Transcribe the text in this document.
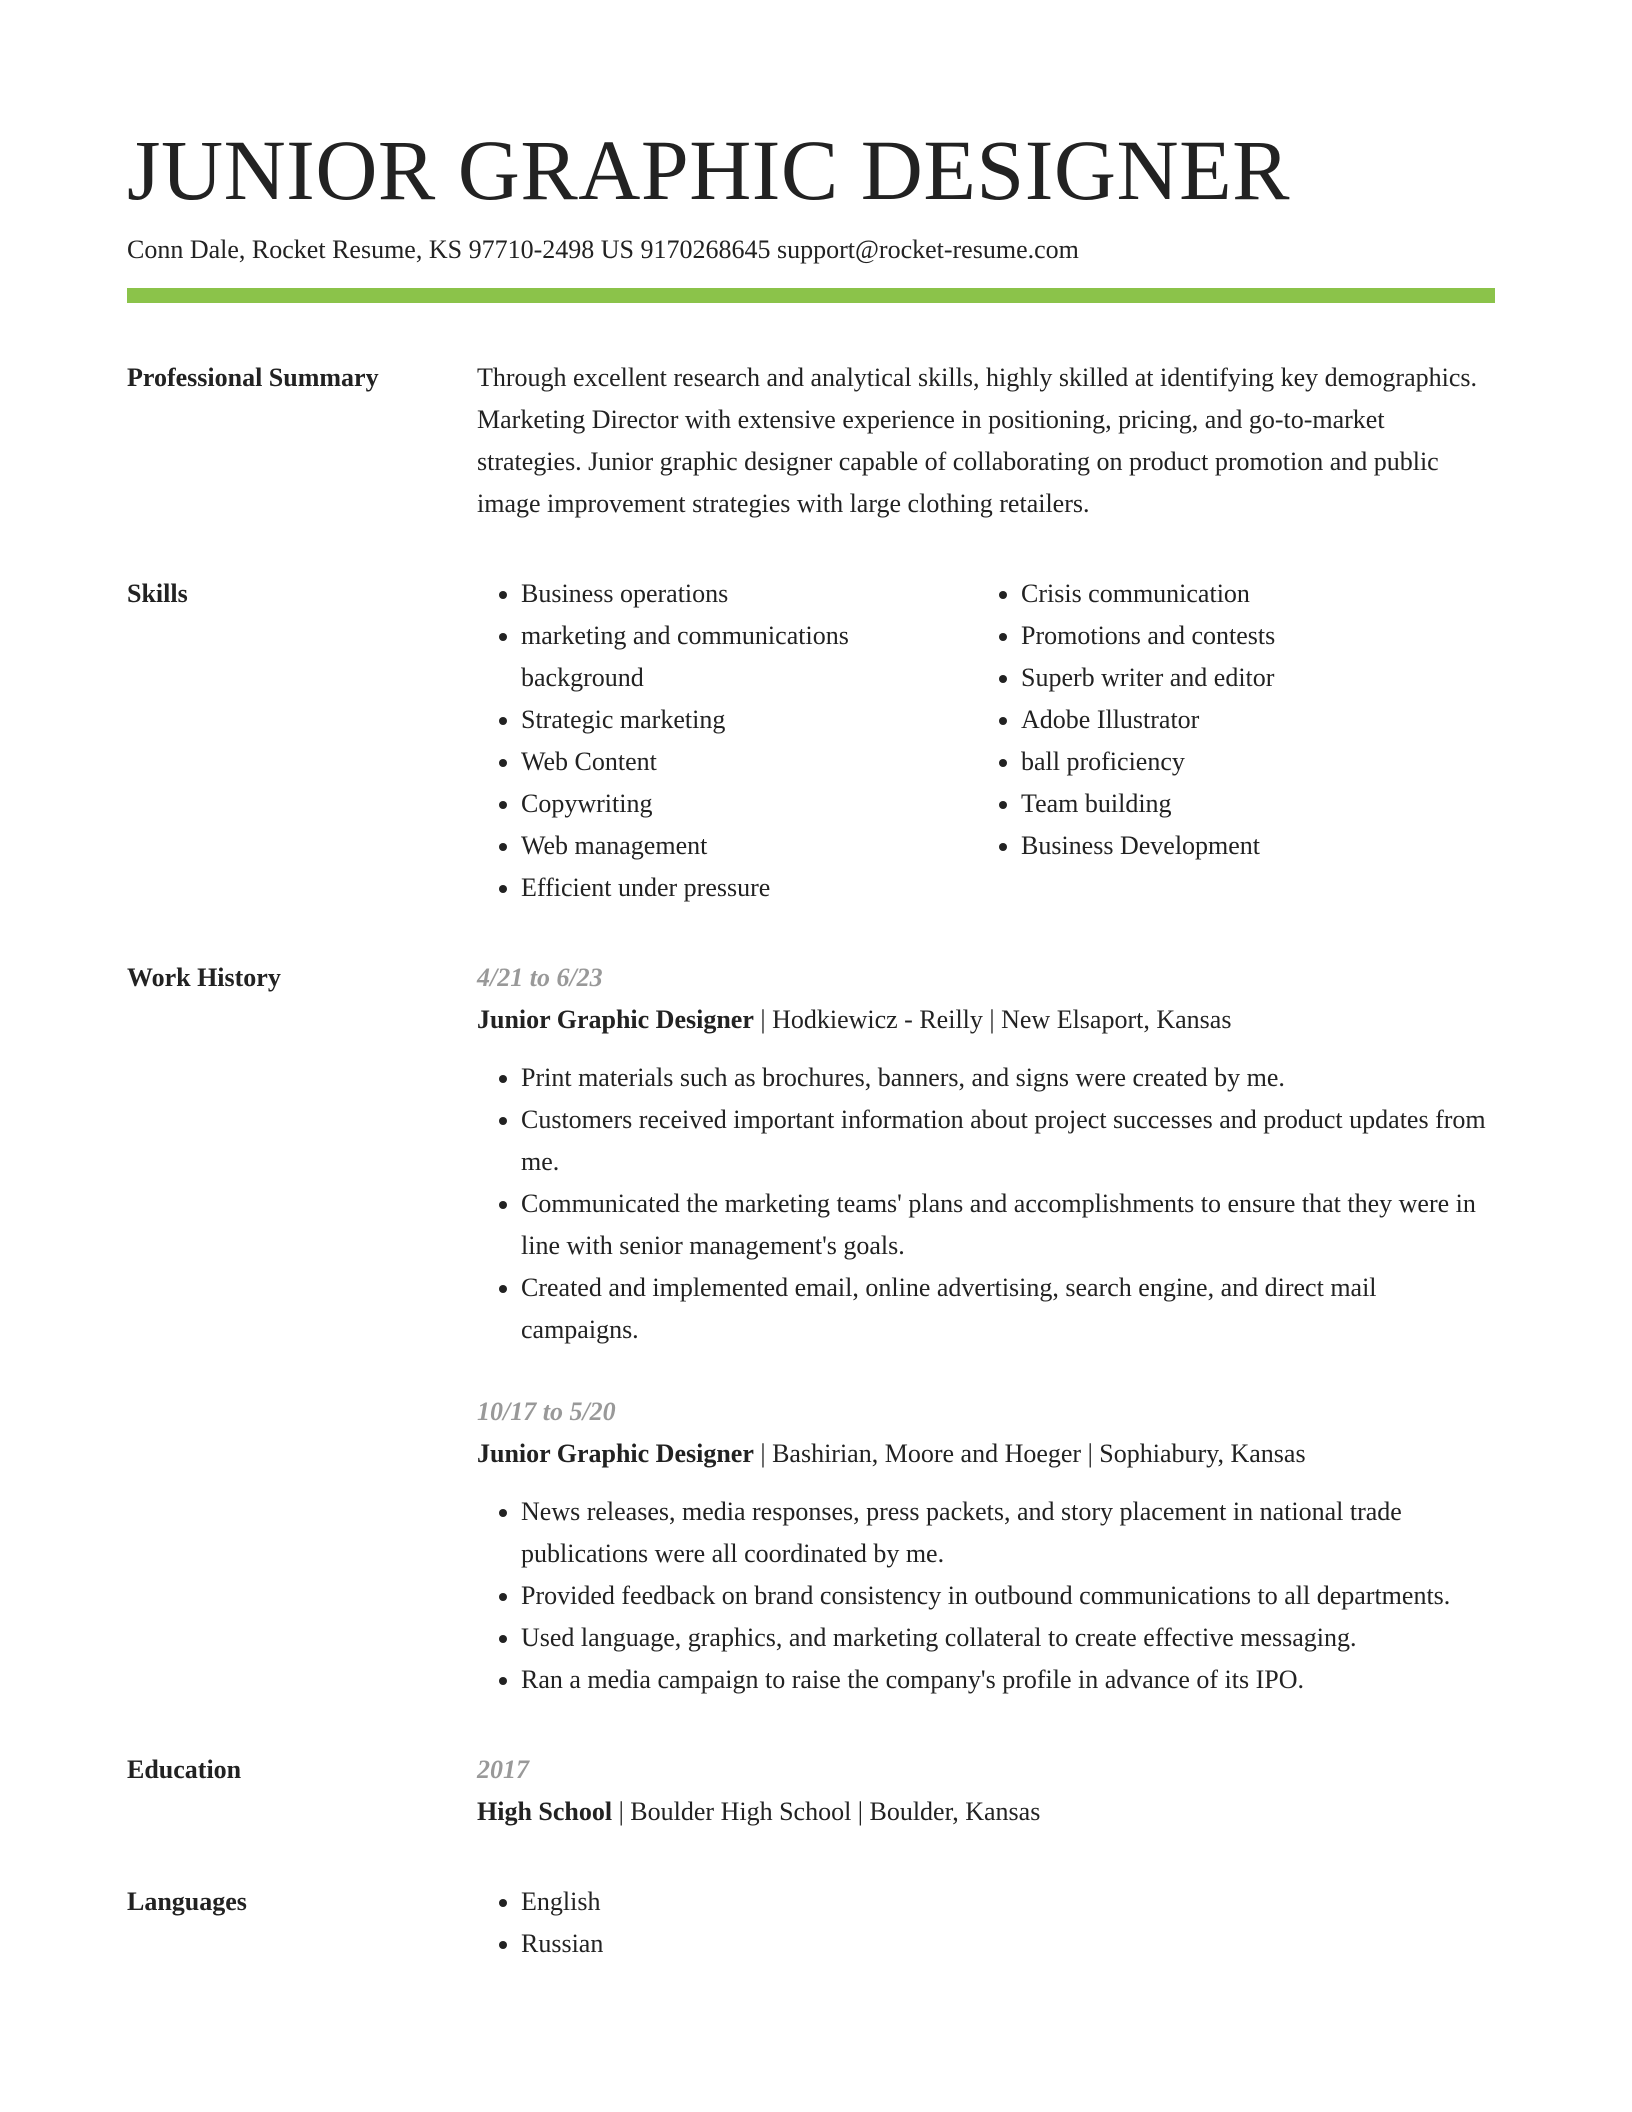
JUNIOR GRAPHIC DESIGNER
Conn Dale, Rocket Resume, KS 97710-2498 US 9170268645 support@rocket-resume.com
Professional Summary	Through excellent research and analytical skills, highly skilled at identifying key demographics. Marketing Director with extensive experience in positioning, pricing, and go-to-market strategies. Junior graphic designer capable of collaborating on product promotion and public image improvement strategies with large clothing retailers.

Skills	• Business operations
• marketing and communications background
• Strategic marketing
• Web Content
• Copywriting
• Web management
• Efficient under pressure
• Crisis communication
• Promotions and contests
• Superb writer and editor
• Adobe Illustrator
• ball proficiency
• Team building
• Business Development
Work History	4/21 to 6/23
Junior Graphic Designer | Hodkiewicz - Reilly | New Elsaport, Kansas
• Print materials such as brochures, banners, and signs were created by me.
• Customers received important information about project successes and product updates from me.
• Communicated the marketing teams' plans and accomplishments to ensure that they were in line with senior management's goals.
• Created and implemented email, online advertising, search engine, and direct mail campaigns.
10/17 to 5/20
Junior Graphic Designer | Bashirian, Moore and Hoeger | Sophiabury, Kansas
• News releases, media responses, press packets, and story placement in national trade publications were all coordinated by me.
• Provided feedback on brand consistency in outbound communications to all departments.
• Used language, graphics, and marketing collateral to create effective messaging.
• Ran a media campaign to raise the company's profile in advance of its IPO.
Education	2017
High School | Boulder High School | Boulder, Kansas
Languages	• English
• Russian
